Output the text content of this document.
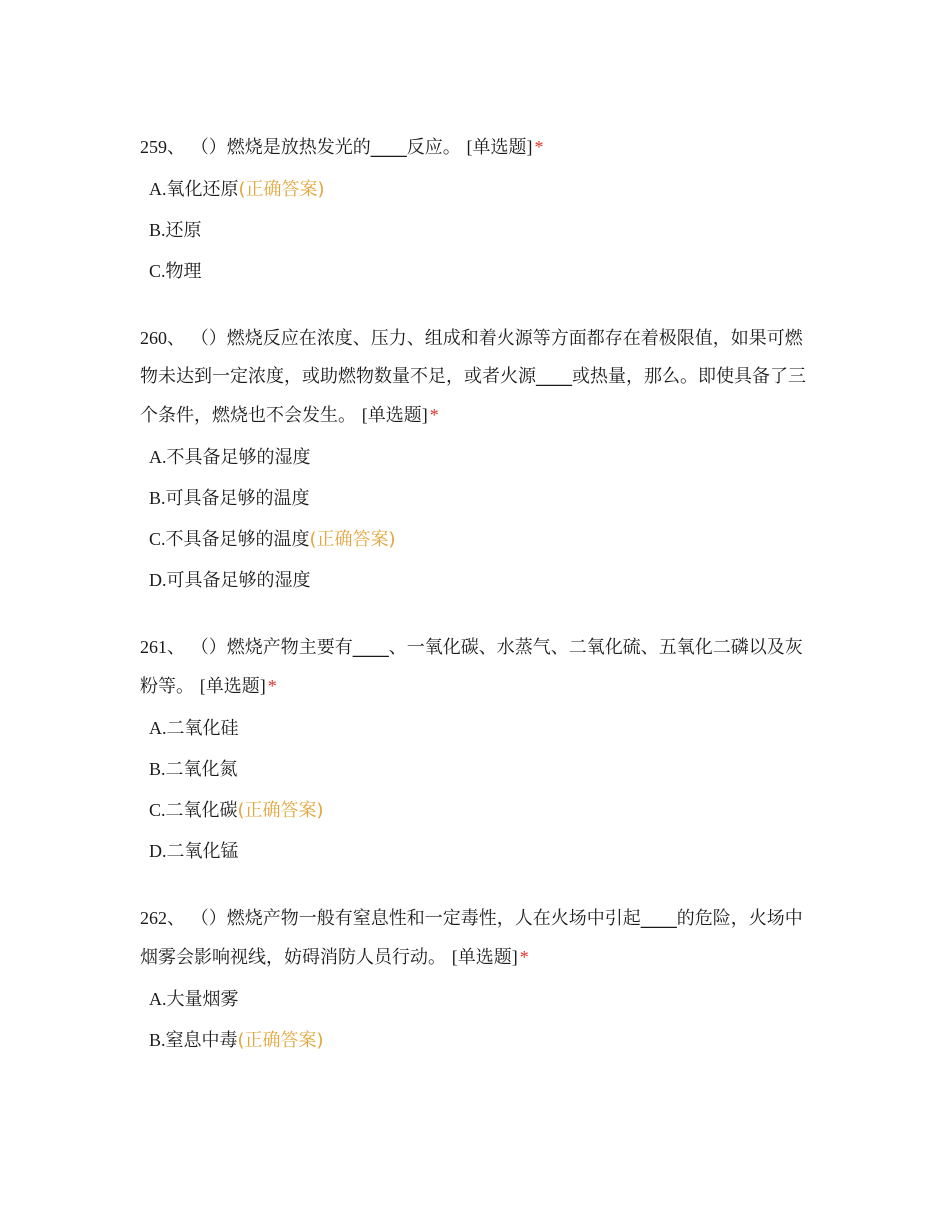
259、 （）燃烧是放热发光的____反应。 [单选题] *
A.氧化还原(正确答案)
B.还原
C.物理
260、 （）燃烧反应在浓度、压力、组成和着火源等方面都存在着极限值，如果可燃物未达到一定浓度，或助燃物数量不足，或者火源____或热量，那么。即使具备了三个条件，燃烧也不会发生。 [单选题] *
A.不具备足够的湿度
B.可具备足够的温度
C.不具备足够的温度(正确答案)
D.可具备足够的湿度
261、 （）燃烧产物主要有____、一氧化碳、水蒸气、二氧化硫、五氧化二磷以及灰粉等。 [单选题] *
A.二氧化硅
B.二氧化氮
C.二氧化碳(正确答案)
D.二氧化锰
262、 （）燃烧产物一般有窒息性和一定毒性，人在火场中引起____的危险，火场中烟雾会影响视线，妨碍消防人员行动。 [单选题] *
A.大量烟雾
B.窒息中毒(正确答案)
